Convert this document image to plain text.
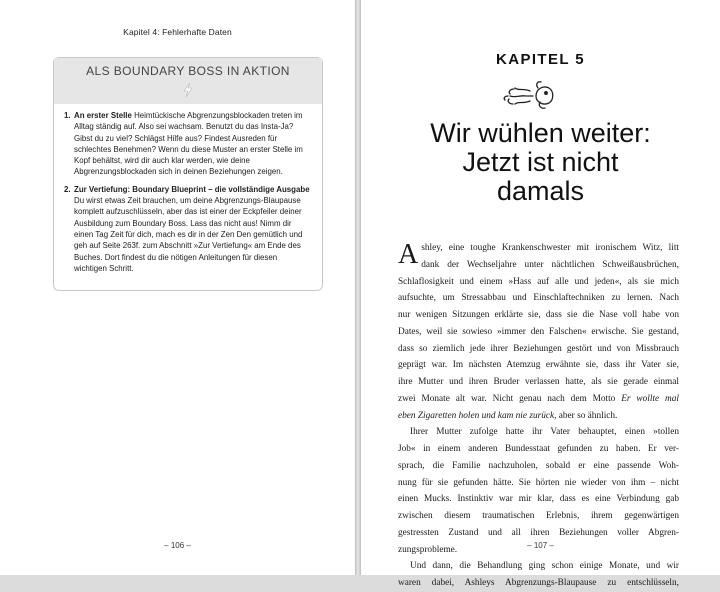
Kapitel 4: Fehlerhafte Daten
ALS BOUNDARY BOSS IN AKTION
1. An erster Stelle Heimtückische Abgrenzungsblockaden treten im Alltag ständig auf. Also sei wachsam. Benutzt du das Insta-Ja? Gibst du zu viel? Schlägst Hilfe aus? Findest Ausreden für schlechtes Benehmen? Wenn du diese Muster an erster Stelle im Kopf behältst, wird dir auch klar werden, wie deine Abgrenzungsblockaden sich in deinen Beziehungen zeigen.
2. Zur Vertiefung: Boundary Blueprint – die vollständige Ausgabe Du wirst etwas Zeit brauchen, um deine Abgrenzungs-Blaupause komplett aufzuschlüsseln, aber das ist einer der Eckpfeiler deiner Ausbildung zum Boundary Boss. Lass das nicht aus! Nimm dir einen Tag Zeit für dich, mach es dir in der Zen Den gemütlich und geh auf Seite 263f. zum Abschnitt »Zur Vertiefung« am Ende des Buches. Dort findest du die nötigen Anleitungen für diesen wichtigen Schritt.
– 106 –
KAPITEL 5
Wir wühlen weiter:
Jetzt ist nicht
damals

A shley, eine toughe Krankenschwester mit ironischem Witz, litt
dank der Wechseljahre unter nächtlichen Schweißausbrüchen,
Schlaflosigkeit und einem »Hass auf alle und jeden«, als sie mich
aufsuchte, um Stressabbau und Einschlaftechniken zu lernen. Nach
nur wenigen Sitzungen erklärte sie, dass sie die Nase voll habe von
Dates, weil sie sowieso »immer den Falschen« erwische. Sie gestand,
dass so ziemlich jede ihrer Beziehungen gestört und von Missbrauch
geprägt war. Im nächsten Atemzug erwähnte sie, dass ihr Vater sie,
ihre Mutter und ihren Bruder verlassen hatte, als sie gerade einmal
zwei Monate alt war. Nicht genau nach dem Motto Er wollte mal
eben Zigaretten holen und kam nie zurück, aber so ähnlich.

Ihrer Mutter zufolge hatte ihr Vater behauptet, einen »tollen
Job« in einem anderen Bundesstaat gefunden zu haben. Er ver-
sprach, die Familie nachzuholen, sobald er eine passende Woh-
nung für sie gefunden hätte. Sie hörten nie wieder von ihm – nicht
einen Mucks. Instinktiv war mir klar, dass es eine Verbindung gab
zwischen diesem traumatischen Erlebnis, ihrem gegenwärtigen
gestressten Zustand und all ihren Beziehungen voller Abgren-
zungsprobleme.

Und dann, die Behandlung ging schon einige Monate, und wir
waren dabei, Ashleys Abgrenzungs-Blaupause zu entschlüsseln,

– 107 –
